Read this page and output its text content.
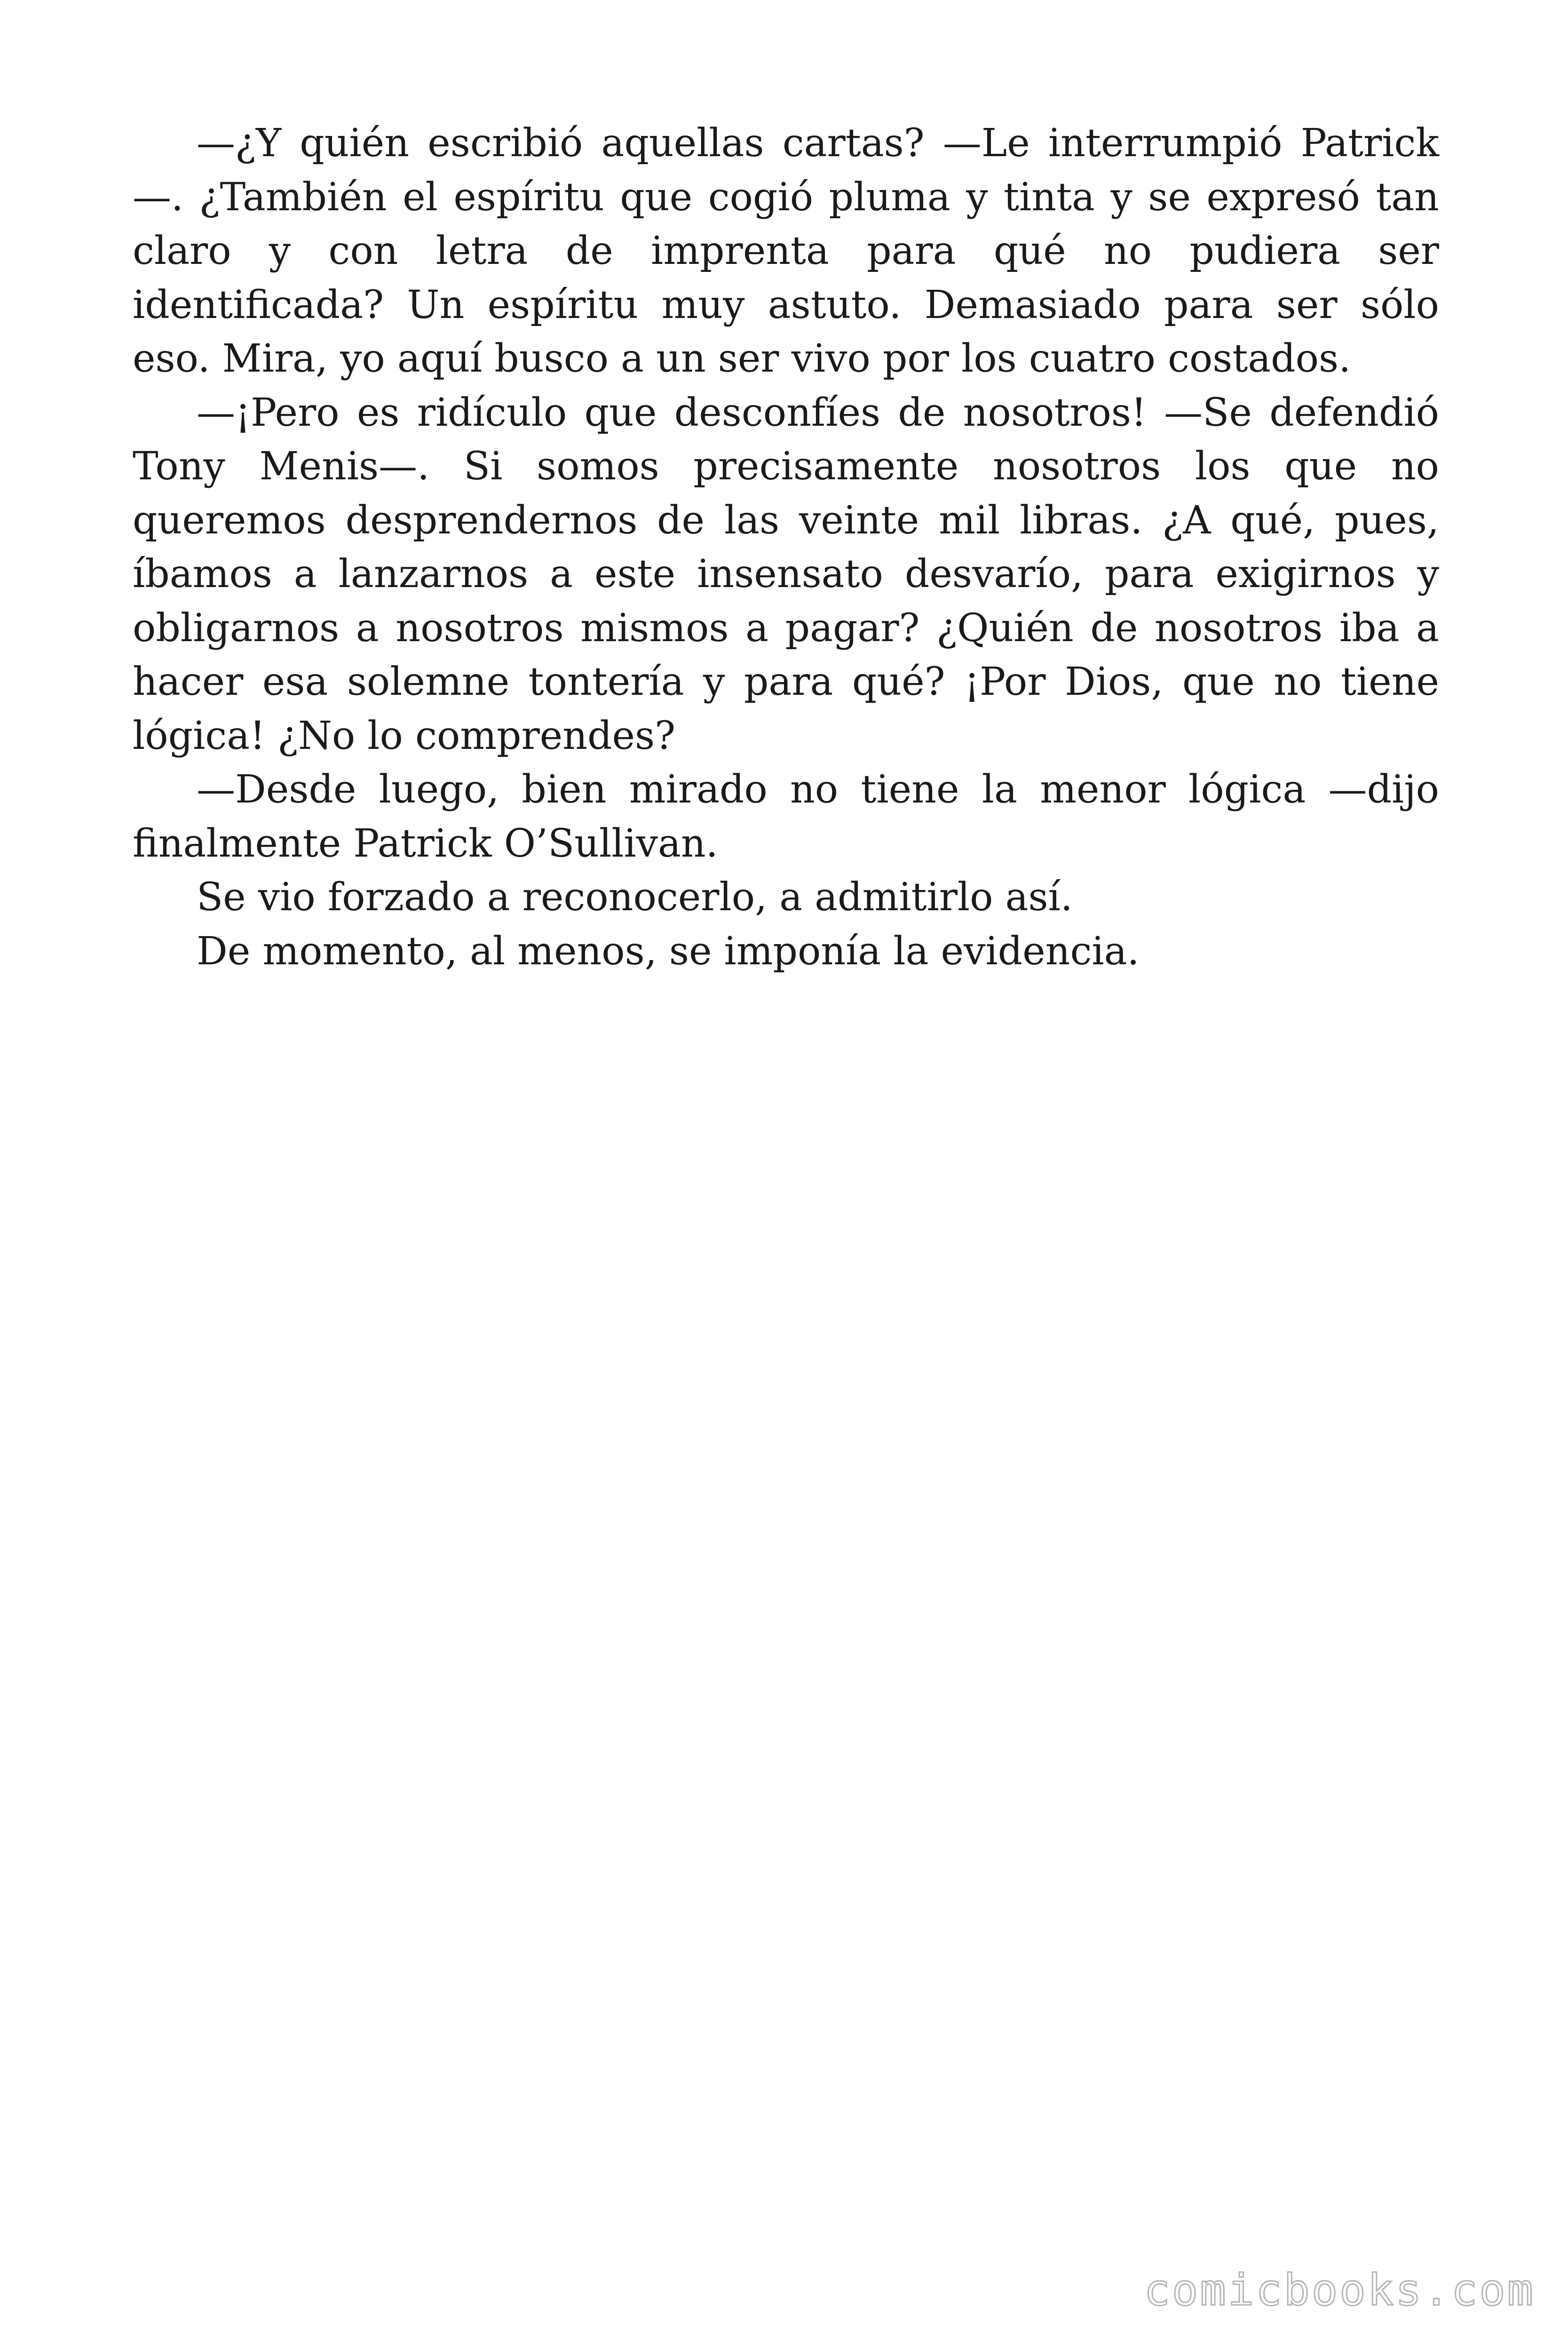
—¿Y quién escribió aquellas cartas? —Le interrumpió Patrick—. ¿También el espíritu que cogió pluma y tinta y se expresó tan claro y con letra de imprenta para qué no pudiera ser identificada? Un espíritu muy astuto. Demasiado para ser sólo eso. Mira, yo aquí busco a un ser vivo por los cuatro costados.

—¡Pero es ridículo que desconfíes de nosotros! —Se defendió Tony Menis—. Si somos precisamente nosotros los que no queremos desprendernos de las veinte mil libras. ¿A qué, pues, íbamos a lanzarnos a este insensato desvarío, para exigirnos y obligarnos a nosotros mismos a pagar? ¿Quién de nosotros iba a hacer esa solemne tontería y para qué? ¡Por Dios, que no tiene lógica! ¿No lo comprendes?

—Desde luego, bien mirado no tiene la menor lógica —dijo finalmente Patrick O’Sullivan.

Se vio forzado a reconocerlo, a admitirlo así.

De momento, al menos, se imponía la evidencia.

comicbooks.com
